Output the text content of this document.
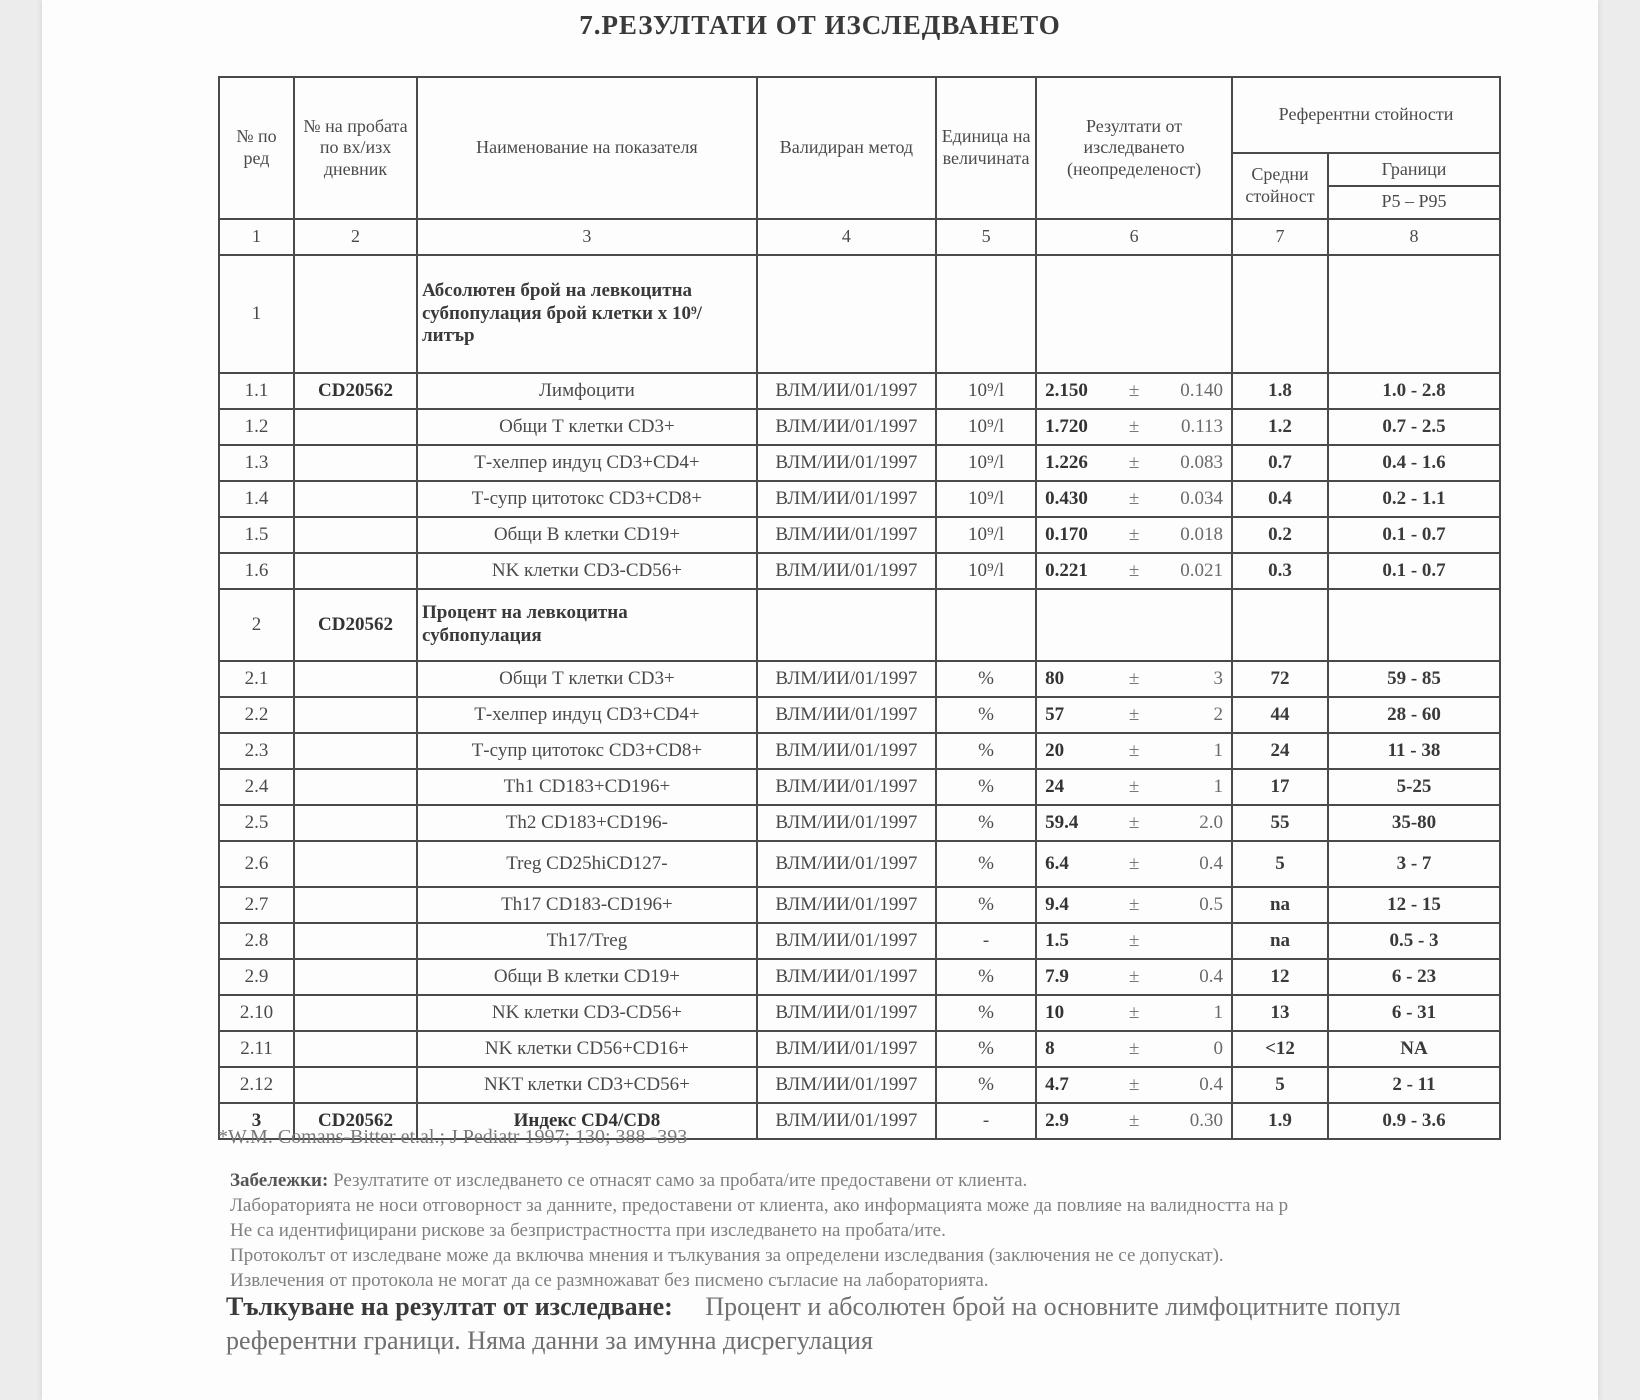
7.РЕЗУЛТАТИ ОТ ИЗСЛЕДВАНЕТО
№ по ред	№ на пробата по вх/изх дневник	Наименование на показателя	Валидиран метод	Единица на величината	Резултати от изследването (неопределеност)	Референтни стойности	
						Средни стойност	Граници
P5 – P95

1	2	3	4	5	6	7	8
1		Абсолютен брой на левкоцитна субпопулация брой клетки x 10⁹/литър					
1.1	CD20562	Лимфоцити	ВЛМ/ИИ/01/1997	10⁹/l	2.150 ± 0.140	1.8	1.0 - 2.8
1.2		Общи Т клетки CD3+	ВЛМ/ИИ/01/1997	10⁹/l	1.720 ± 0.113	1.2	0.7 - 2.5
1.3		Т-хелпер индуц CD3+CD4+	ВЛМ/ИИ/01/1997	10⁹/l	1.226 ± 0.083	0.7	0.4 - 1.6
1.4		Т-супр цитотокс CD3+CD8+	ВЛМ/ИИ/01/1997	10⁹/l	0.430 ± 0.034	0.4	0.2 - 1.1
1.5		Общи В клетки CD19+	ВЛМ/ИИ/01/1997	10⁹/l	0.170 ± 0.018	0.2	0.1 - 0.7
1.6		NK клетки CD3-CD56+	ВЛМ/ИИ/01/1997	10⁹/l	0.221 ± 0.021	0.3	0.1 - 0.7
2	CD20562	Процент на левкоцитна субпопулация					
2.1		Общи Т клетки CD3+	ВЛМ/ИИ/01/1997	%	80 ± 3	72	59 - 85
2.2		Т-хелпер индуц CD3+CD4+	ВЛМ/ИИ/01/1997	%	57 ± 2	44	28 - 60
2.3		Т-супр цитотокс CD3+CD8+	ВЛМ/ИИ/01/1997	%	20 ± 1	24	11 - 38
2.4		Th1 CD183+CD196+	ВЛМ/ИИ/01/1997	%	24 ± 1	17	5-25
2.5		Th2 CD183+CD196-	ВЛМ/ИИ/01/1997	%	59.4 ± 2.0	55	35-80
2.6		Treg CD25hiCD127-	ВЛМ/ИИ/01/1997	%	6.4 ± 0.4	5	3 - 7
2.7		Th17 CD183-CD196+	ВЛМ/ИИ/01/1997	%	9.4 ± 0.5	na	12 - 15
2.8		Th17/Treg	ВЛМ/ИИ/01/1997	-	1.5 ±	na	0.5 - 3
2.9		Общи В клетки CD19+	ВЛМ/ИИ/01/1997	%	7.9 ± 0.4	12	6 - 23
2.10		NK клетки CD3-CD56+	ВЛМ/ИИ/01/1997	%	10 ± 1	13	6 - 31
2.11		NK клетки CD56+CD16+	ВЛМ/ИИ/01/1997	%	8 ± 0	<12	NA
2.12		NKT клетки CD3+CD56+	ВЛМ/ИИ/01/1997	%	4.7 ± 0.4	5	2 - 11
3	CD20562	Индекс CD4/CD8	ВЛМ/ИИ/01/1997	-	2.9 ± 0.30	1.9	0.9 - 3.6
*W.M. Comans-Bitter et.al.; J Pediatr 1997; 130; 388 -393
Забележки: Резултатите от изследването се отнасят само за пробата/ите предоставени от клиента.
Лабораторията не носи отговорност за данните, предоставени от клиента, ако информацията може да повлияе на валидността на р
Не са идентифицирани рискове за безпристрастността при изследването на пробата/ите.
Протоколът от изследване може да включва мнения и тълкувания за определени изследвания (заключения не се допускат).
Извлечения от протокола не могат да се размножават без писмено съгласие на лабораторията.
Тълкуване на резултат от изследване: Процент и абсолютен брой на основните лимфоцитните попул
референтни граници. Няма данни за имунна дисрегулация
